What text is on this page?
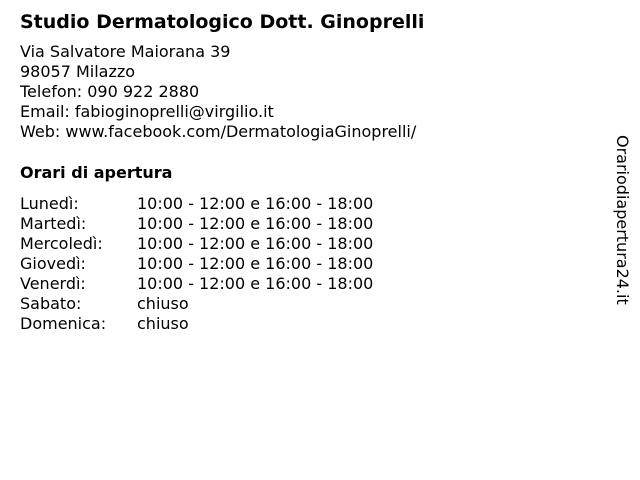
Studio Dermatologico Dott. Ginoprelli
Via Salvatore Maiorana 39
98057 Milazzo
Telefon: 090 922 2880
Email: fabioginoprelli@virgilio.it
Web: www.facebook.com/DermatologiaGinoprelli/
Orari di apertura
Lunedì:	10:00 - 12:00 e 16:00 - 18:00
Martedì:	10:00 - 12:00 e 16:00 - 18:00
Mercoledì:	10:00 - 12:00 e 16:00 - 18:00
Giovedì:	10:00 - 12:00 e 16:00 - 18:00
Venerdì:	10:00 - 12:00 e 16:00 - 18:00
Sabato:	chiuso
Domenica:	chiuso
Orariodiapertura24.it
